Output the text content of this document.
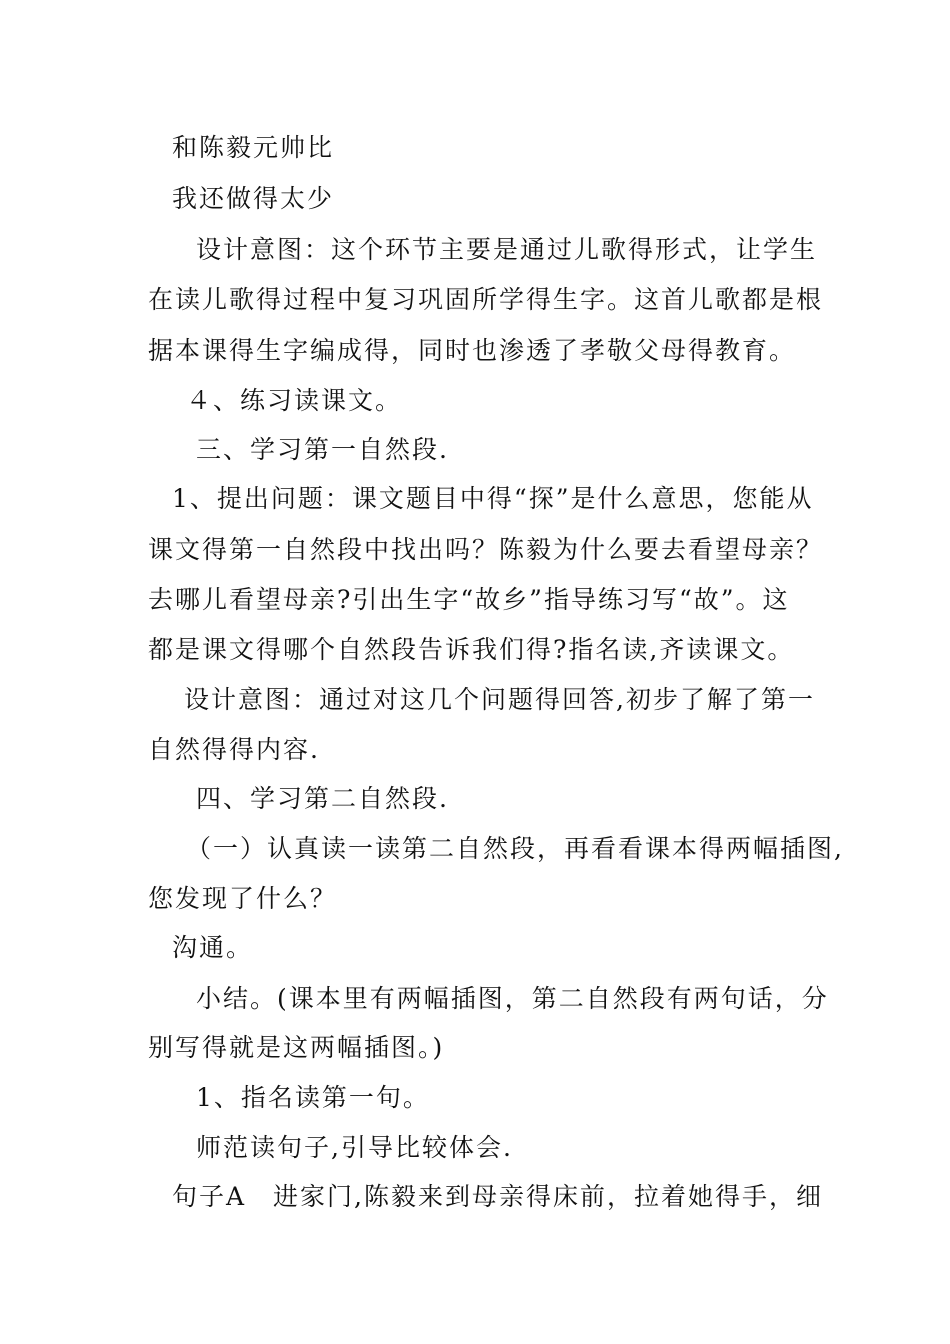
和陈毅元帅比
我还做得太少
设计意图：这个环节主要是通过儿歌得形式，让学生
在读儿歌得过程中复习巩固所学得生字。这首儿歌都是根
据本课得生字编成得，同时也渗透了孝敬父母得教育。
４、练习读课文。
三、学习第一自然段.
1、提出问题：课文题目中得“探”是什么意思，您能从
课文得第一自然段中找出吗？陈毅为什么要去看望母亲？
去哪儿看望母亲?引出生字“故乡”指导练习写“故”。这
都是课文得哪个自然段告诉我们得?指名读,齐读课文。
设计意图：通过对这几个问题得回答,初步了解了第一
自然得得内容.
四、学习第二自然段.
（一）认真读一读第二自然段，再看看课本得两幅插图,
您发现了什么？
沟通。
小结。(课本里有两幅插图，第二自然段有两句话，分
别写得就是这两幅插图。)
1、指名读第一句。
师范读句子,引导比较体会.
句子A　进家门,陈毅来到母亲得床前，拉着她得手，细
